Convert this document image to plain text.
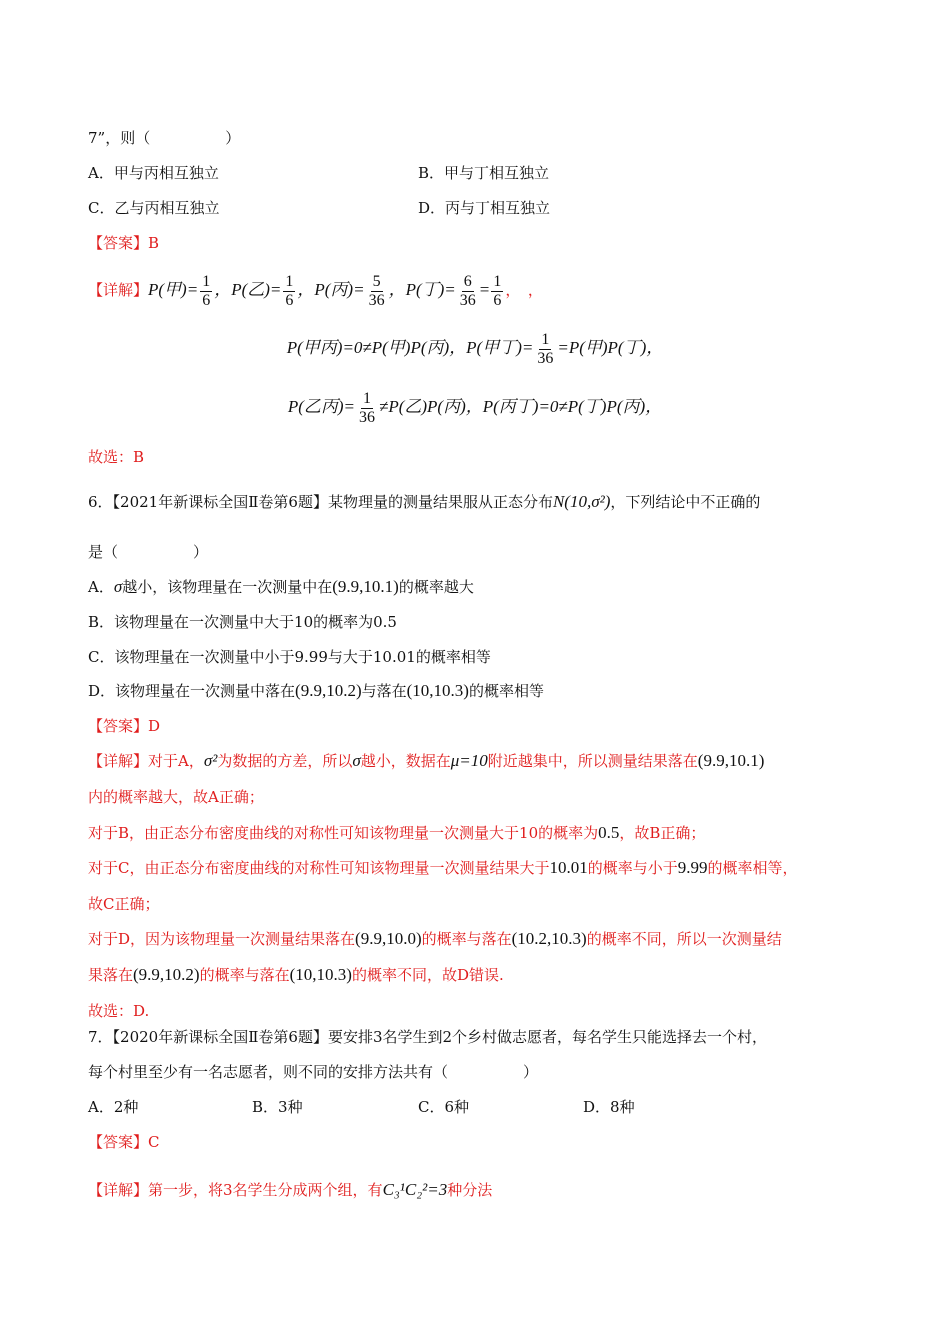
7”，则（　　　　　）
A．甲与丙相互独立	B．甲与丁相互独立
C．乙与丙相互独立	D．丙与丁相互独立
【答案】B
【详解】P(甲)= $\frac{1}{6}$ ，P(乙)= $\frac{1}{6}$ ，P(丙)= $\frac{5}{36}$ ，P(丁)= $\frac{6}{36} = \frac{1}{6}$ ，　，
P(甲丙)=0≠P(甲)P(丙)，P(甲丁)= $\frac{1}{36} =P$(甲)P(丁)，
P(乙丙)= $\frac{1}{36} \ne P$(乙)P(丙)，P(丙丁)=0≠P(丁)P(丙)，
故选：B
6．【2021年新课标全国Ⅱ卷第6题】某物理量的测量结果服从正态分布N(10,σ²)，下列结论中不正确的
是（　　　　　）
A．σ越小，该物理量在一次测量中在(9.9,10.1)的概率越大
B．该物理量在一次测量中大于10的概率为0.5
C．该物理量在一次测量中小于9.99与大于10.01的概率相等
D．该物理量在一次测量中落在(9.9,10.2)与落在(10,10.3)的概率相等
【答案】D
【详解】对于A，σ²为数据的方差，所以σ越小，数据在μ=10附近越集中，所以测量结果落在(9.9,10.1)
内的概率越大，故A正确；
对于B，由正态分布密度曲线的对称性可知该物理量一次测量大于10的概率为0.5，故B正确；
对于C，由正态分布密度曲线的对称性可知该物理量一次测量结果大于10.01的概率与小于9.99的概率相等，
故C正确；
对于D，因为该物理量一次测量结果落在(9.9,10.0)的概率与落在(10.2,10.3)的概率不同，所以一次测量结
果落在(9.9,10.2)的概率与落在(10,10.3)的概率不同，故D错误.
故选：D.
7．【2020年新课标全国Ⅱ卷第6题】要安排3名学生到2个乡村做志愿者，每名学生只能选择去一个村，
每个村里至少有一名志愿者，则不同的安排方法共有（　　　　　）
A．2种	B．3种	C．6种	D．8种
【答案】C
【详解】第一步，将3名学生分成两个组，有C₃¹C₂²=3种分法
